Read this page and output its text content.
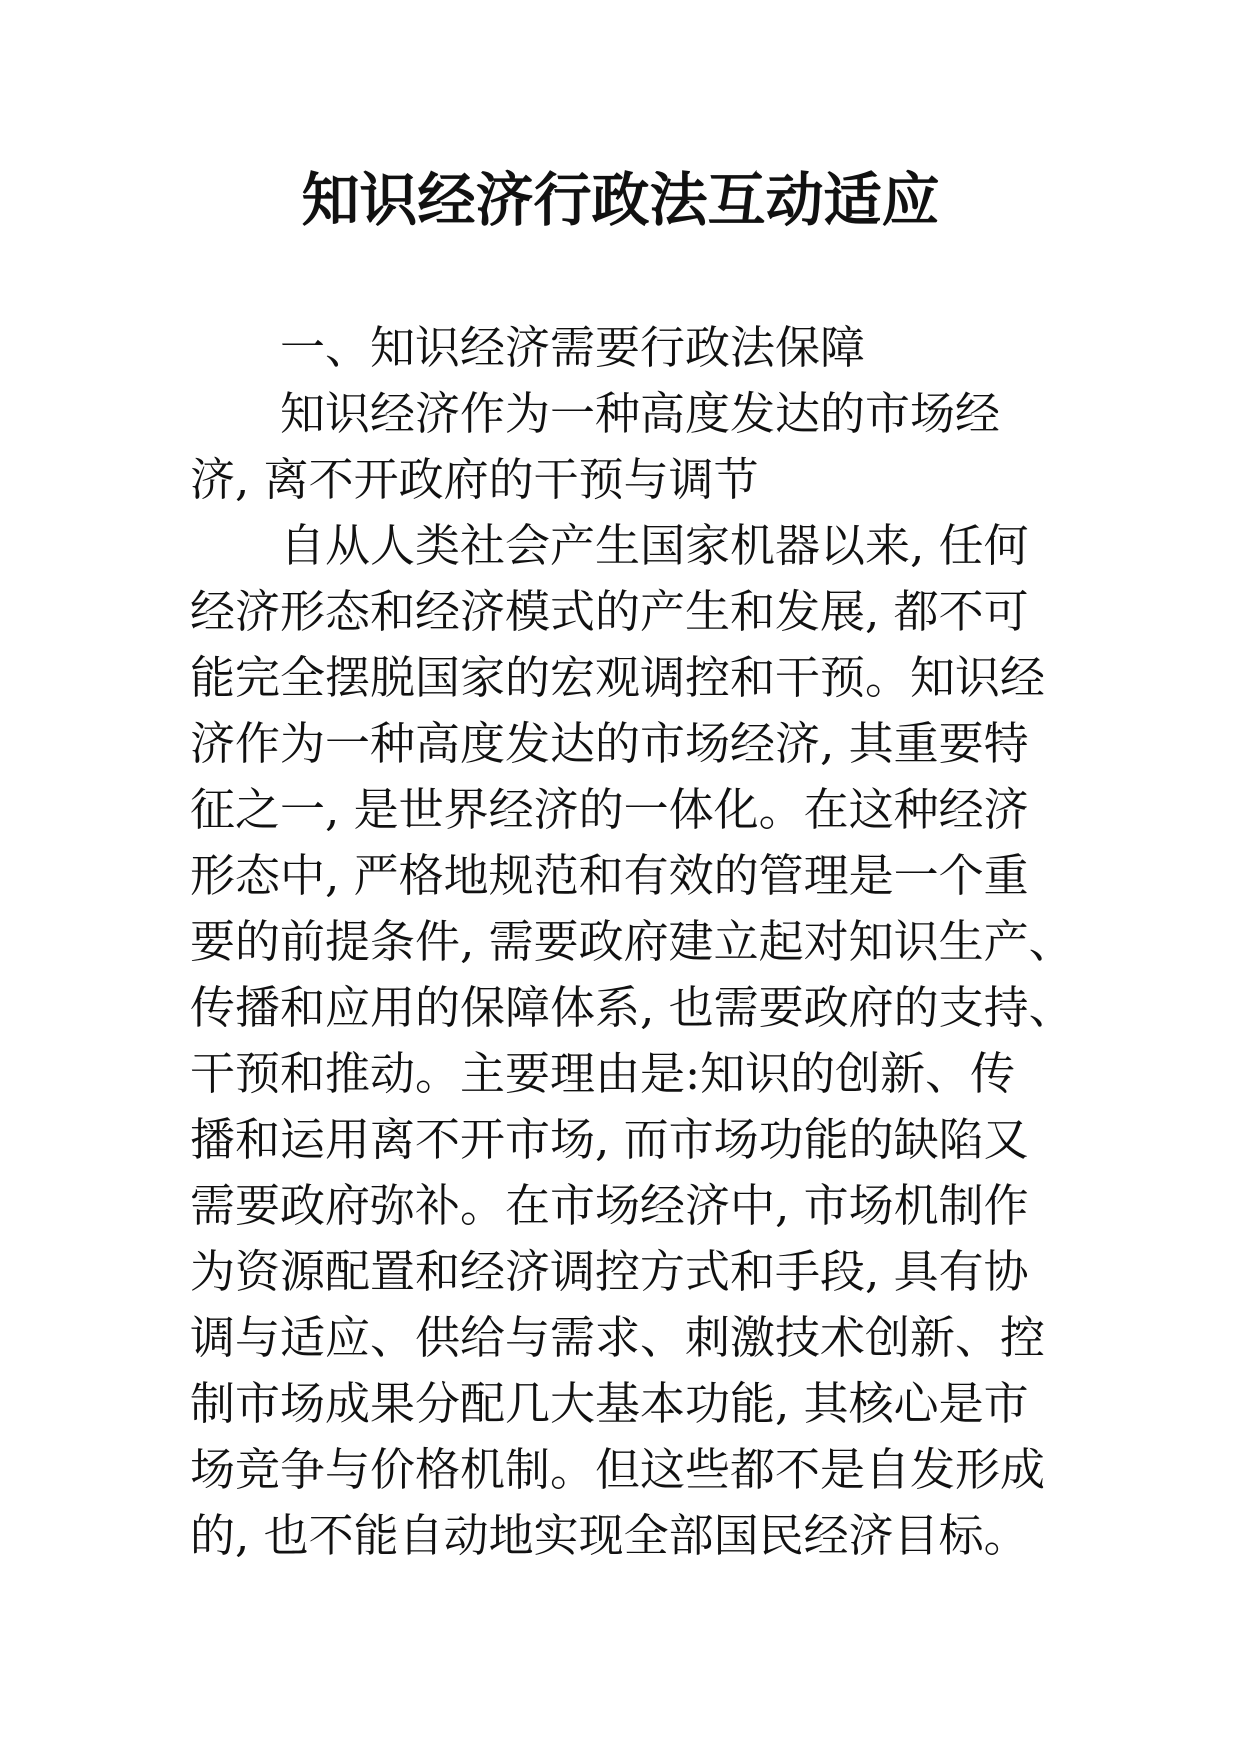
知识经济行政法互动适应
一、知识经济需要行政法保障
知识经济作为一种高度发达的市场经
济, 离不开政府的干预与调节
自从人类社会产生国家机器以来, 任何
经济形态和经济模式的产生和发展, 都不可
能完全摆脱国家的宏观调控和干预。知识经
济作为一种高度发达的市场经济, 其重要特
征之一, 是世界经济的一体化。在这种经济
形态中, 严格地规范和有效的管理是一个重
要的前提条件, 需要政府建立起对知识生产、
传播和应用的保障体系, 也需要政府的支持、
干预和推动。主要理由是:知识的创新、传
播和运用离不开市场, 而市场功能的缺陷又
需要政府弥补。在市场经济中, 市场机制作
为资源配置和经济调控方式和手段, 具有协
调与适应、供给与需求、刺激技术创新、控
制市场成果分配几大基本功能, 其核心是市
场竞争与价格机制。但这些都不是自发形成
的, 也不能自动地实现全部国民经济目标。
